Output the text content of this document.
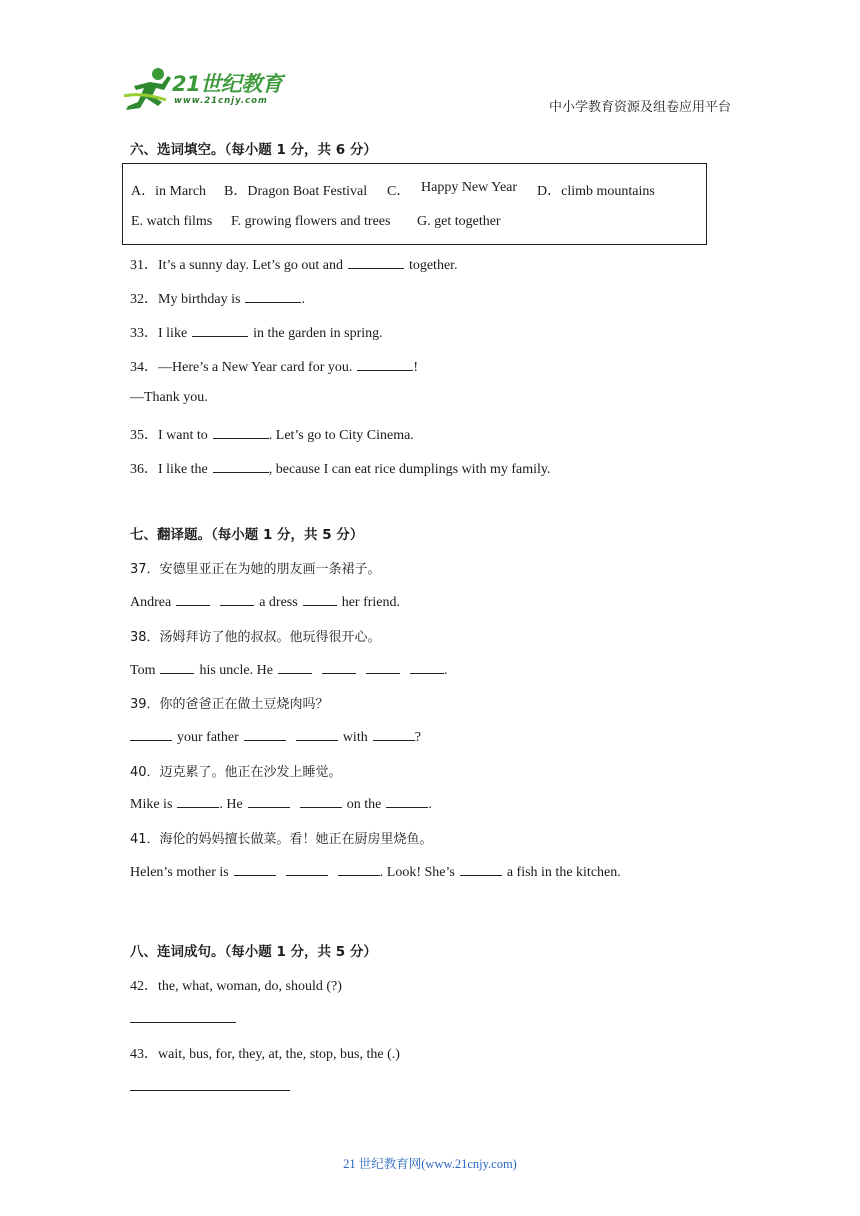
21世纪教育
www.21cnjy.com	中小学教育资源及组卷应用平台
六、选词填空。（每小题 1 分，共 6 分）
A．in March B．Dragon Boat Festival C． Happy New Year D．climb mountains
E. watch films F. growing flowers and trees G. get together
31．It’s a sunny day. Let’s go out and	together.
32．My birthday is	.
33．I like	in the garden in spring.
34．—Here’s a New Year card for you.	!
—Thank you.
35．I want to	. Let’s go to City Cinema.
36．I like the	, because I can eat rice dumplings with my family.
七、翻译题。（每小题 1 分，共 5 分）
37．安德里亚正在为她的朋友画一条裙子。
Andrea	a dress	her friend.
38．汤姆拜访了他的叔叔。他玩得很开心。
Tom	his uncle. He	.
39．你的爸爸正在做土豆烧肉吗？
your father	with	?
40．迈克累了。他正在沙发上睡觉。
Mike is	. He	on the	.
41．海伦的妈妈擅长做菜。看！她正在厨房里烧鱼。
Helen’s mother is	. Look! She’s	a fish in the kitchen.
八、连词成句。（每小题 1 分，共 5 分）
42．the, what, woman, do, should (?)
43．wait, bus, for, they, at, the, stop, bus, the (.)
21 世纪教育网(www.21cnjy.com)
